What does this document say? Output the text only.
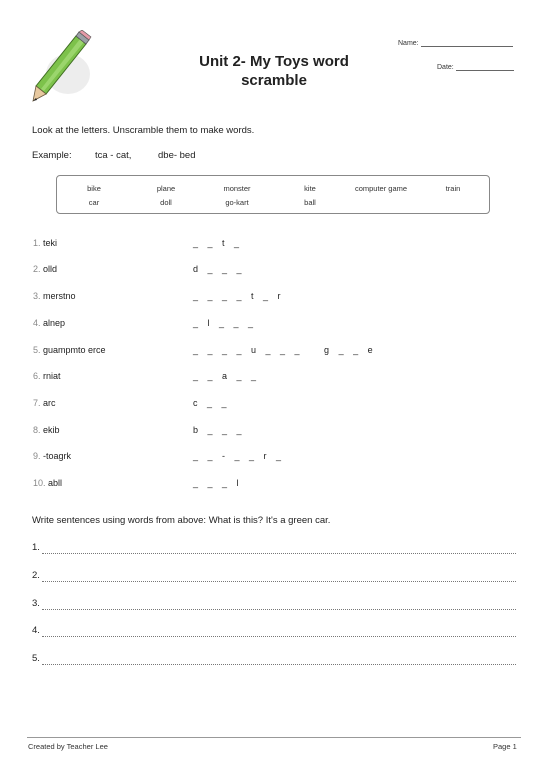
Unit 2- My Toys word
scramble
Name:
Date:
Look at the letters. Unscramble them to make words.
Example: tca - cat,	dbe- bed
bike	plane	monster	kite	computer game	train
car	doll	go-kart	ball
1. teki	_   _   t   _
2. olld	d   _   _   _
3. merstno	_   _   _   _   t   _   r
4. alnep	_   l   _   _   _
5. guampmto erce	_   _   _   _   u   _   _   _        g   _   _   e
6. rniat	_   _   a   _   _
7. arc	c   _   _
8. ekib	b   _   _   _
9. -toagrk	_   _   -   _   _   r   _
10. abll	_   _   _   l
Write sentences using words from above: What is this? It's a green car.
1.
2.
3.
4.
5.
Created by Teacher Lee	Page 1
